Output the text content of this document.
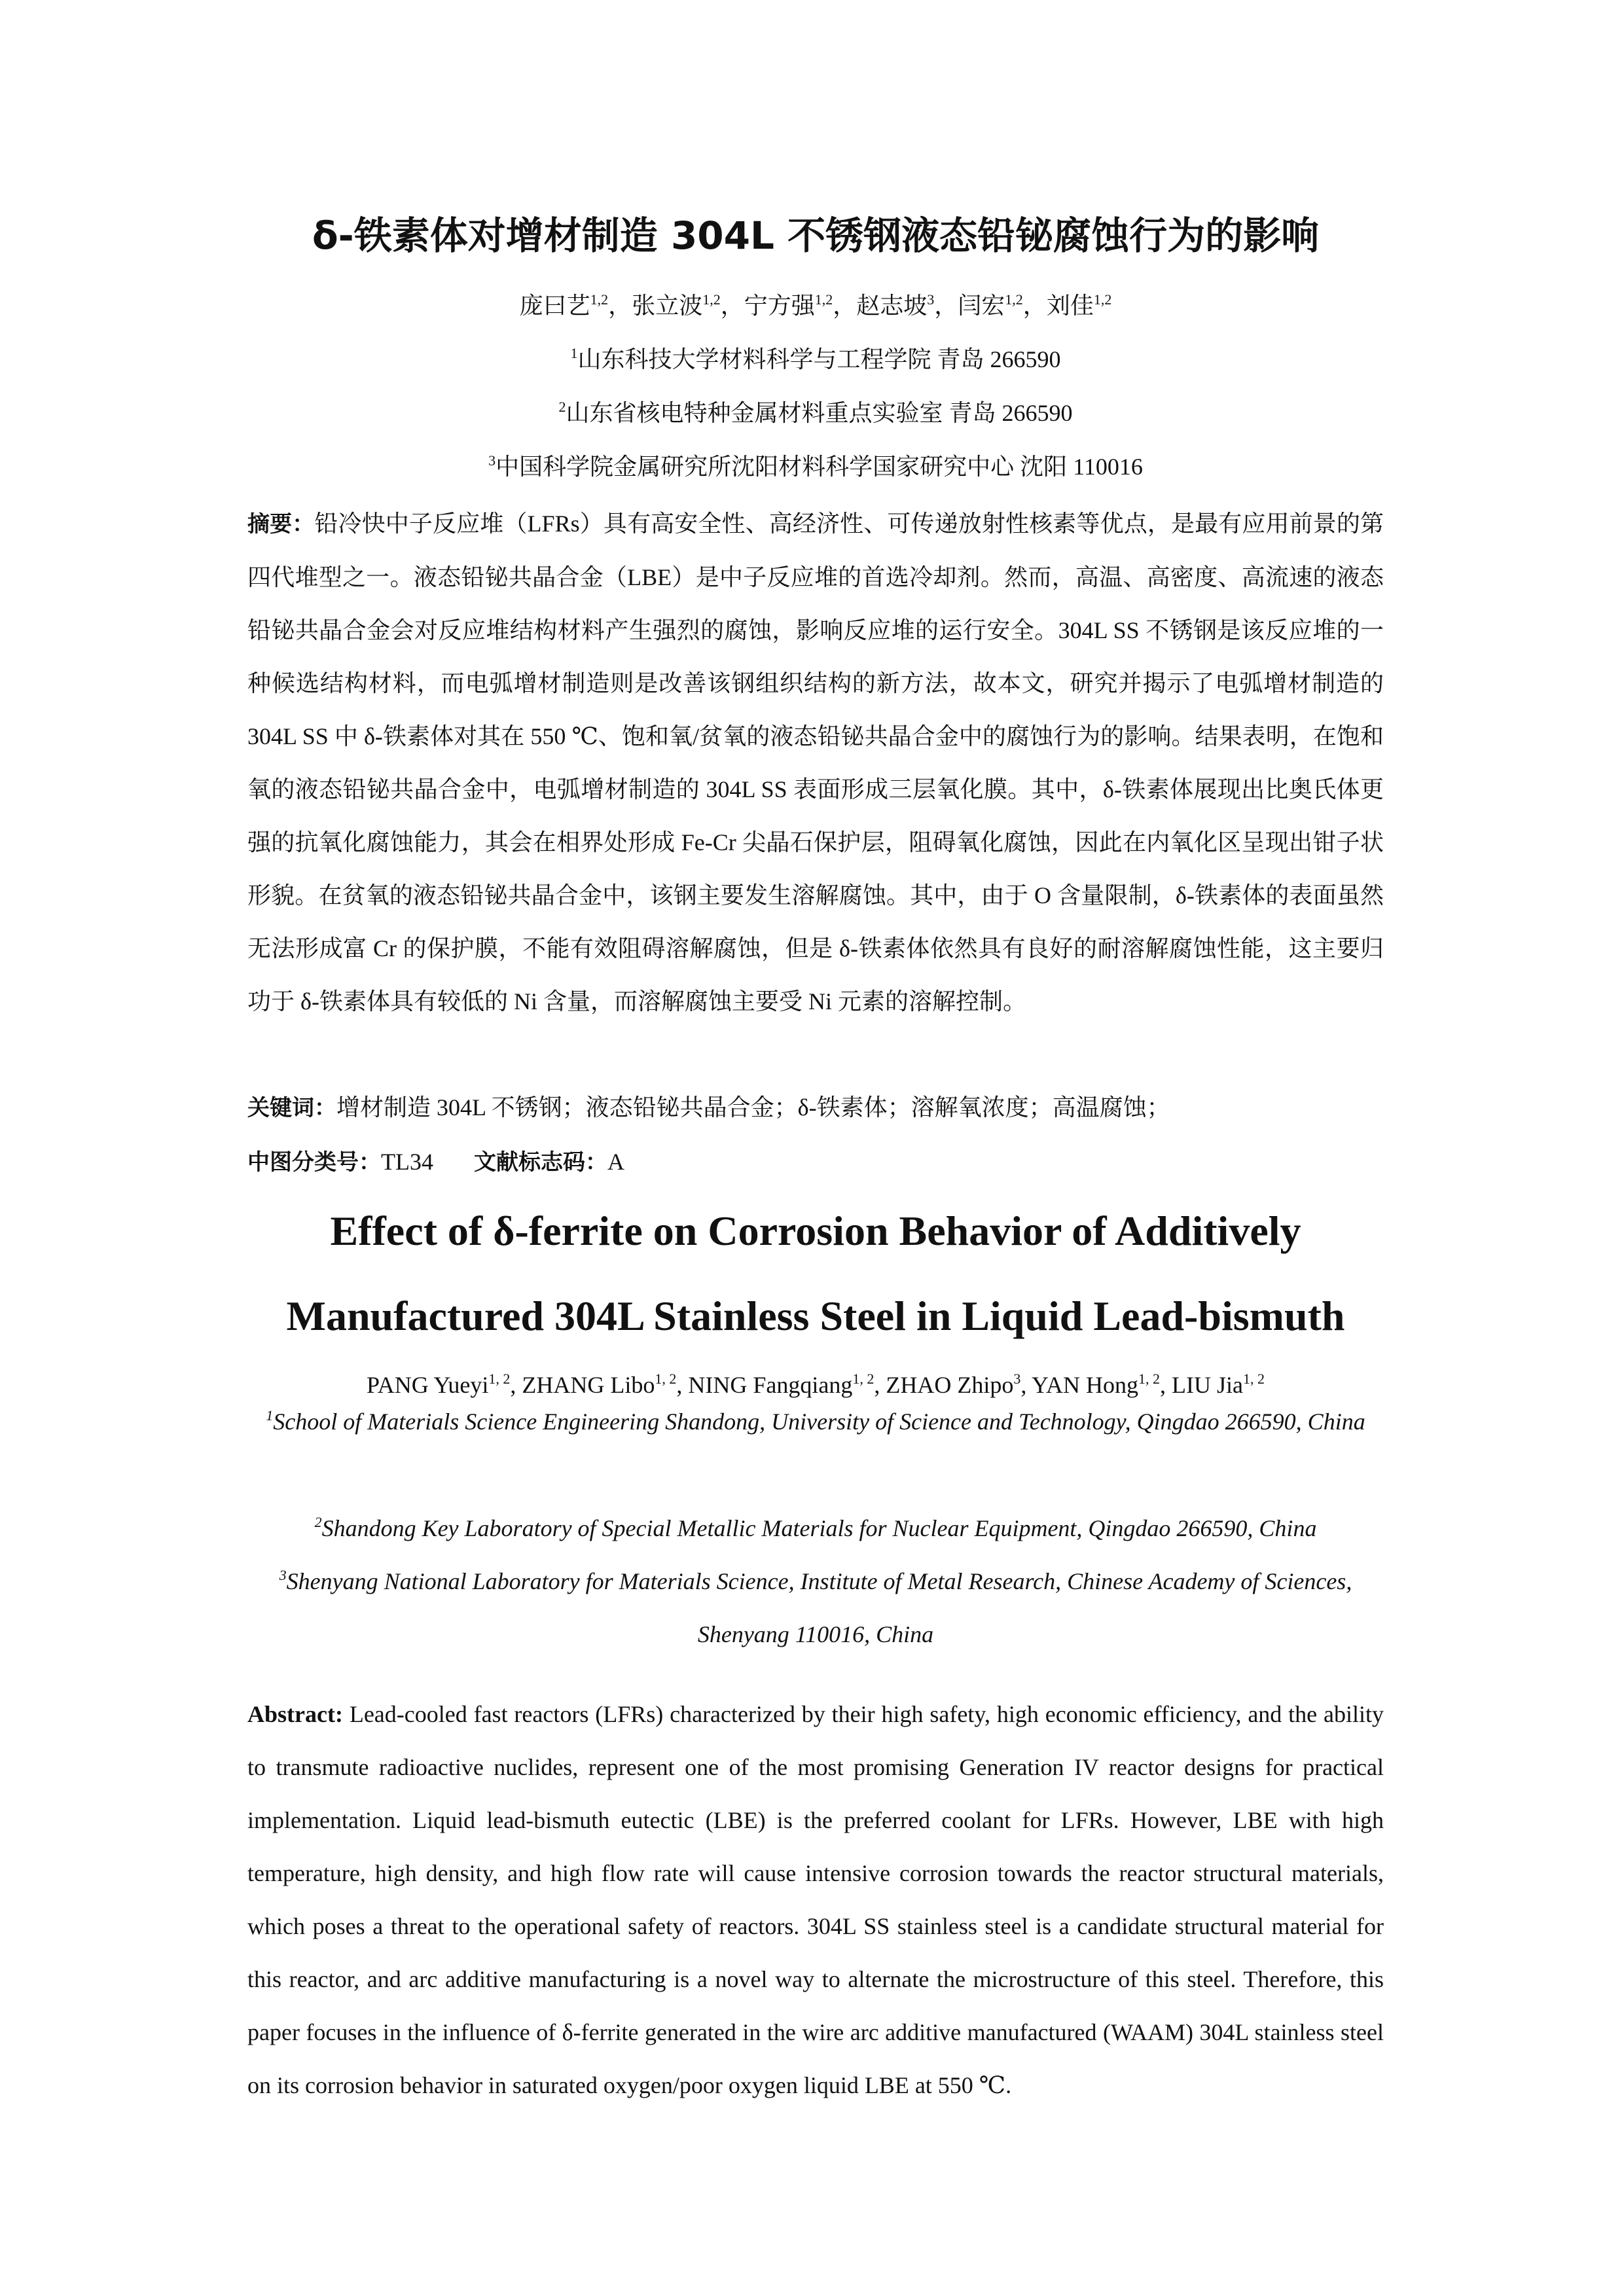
δ-铁素体对增材制造 304L 不锈钢液态铅铋腐蚀行为的影响
庞曰艺$^{1,2}$，张立波$^{1,2}$，宁方强$^{1,2}$，赵志坡$^3$，闫宏$^{1,2}$，刘佳$^{1,2}$
$^1$山东科技大学材料科学与工程学院 青岛 266590
$^2$山东省核电特种金属材料重点实验室 青岛 266590
$^3$中国科学院金属研究所沈阳材料科学国家研究中心 沈阳 110016
摘要：铅冷快中子反应堆（LFRs）具有高安全性、高经济性、可传递放射性核素等优点，是最有应用前景的第四代堆型之一。液态铅铋共晶合金（LBE）是中子反应堆的首选冷却剂。然而，高温、高密度、高流速的液态铅铋共晶合金会对反应堆结构材料产生强烈的腐蚀，影响反应堆的运行安全。304L SS 不锈钢是该反应堆的一种候选结构材料，而电弧增材制造则是改善该钢组织结构的新方法，故本文，研究并揭示了电弧增材制造的 304L SS 中 δ-铁素体对其在 550 ℃、饱和氧/贫氧的液态铅铋共晶合金中的腐蚀行为的影响。结果表明，在饱和氧的液态铅铋共晶合金中，电弧增材制造的 304L SS 表面形成三层氧化膜。其中，δ-铁素体展现出比奥氏体更强的抗氧化腐蚀能力，其会在相界处形成 Fe-Cr 尖晶石保护层，阻碍氧化腐蚀，因此在内氧化区呈现出钳子状形貌。在贫氧的液态铅铋共晶合金中，该钢主要发生溶解腐蚀。其中，由于 O 含量限制，δ-铁素体的表面虽然无法形成富 Cr 的保护膜，不能有效阻碍溶解腐蚀，但是 δ-铁素体依然具有良好的耐溶解腐蚀性能，这主要归功于 δ-铁素体具有较低的 Ni 含量，而溶解腐蚀主要受 Ni 元素的溶解控制。
关键词：增材制造 304L 不锈钢；液态铅铋共晶合金；δ-铁素体；溶解氧浓度；高温腐蚀；
中图分类号：TL34 文献标志码：A
Effect of δ-ferrite on Corrosion Behavior of Additively
Manufactured 304L Stainless Steel in Liquid Lead-bismuth
PANG Yueyi$^{1, 2}$, ZHANG Libo$^{1, 2}$, NING Fangqiang$^{1, 2}$, ZHAO Zhipo$^3$, YAN Hong$^{1, 2}$, LIU Jia$^{1, 2}$
$^1$School of Materials Science Engineering Shandong, University of Science and Technology, Qingdao 266590, China
$^2$Shandong Key Laboratory of Special Metallic Materials for Nuclear Equipment, Qingdao 266590, China
$^3$Shenyang National Laboratory for Materials Science, Institute of Metal Research, Chinese Academy of Sciences, Shenyang 110016, China
Abstract: Lead-cooled fast reactors (LFRs) characterized by their high safety, high economic efficiency, and the ability to transmute radioactive nuclides, represent one of the most promising Generation IV reactor designs for practical implementation. Liquid lead-bismuth eutectic (LBE) is the preferred coolant for LFRs. However, LBE with high temperature, high density, and high flow rate will cause intensive corrosion towards the reactor structural materials, which poses a threat to the operational safety of reactors. 304L SS stainless steel is a candidate structural material for this reactor, and arc additive manufacturing is a novel way to alternate the microstructure of this steel. Therefore, this paper focuses in the influence of δ-ferrite generated in the wire arc additive manufactured (WAAM) 304L stainless steel on its corrosion behavior in saturated oxygen/poor oxygen liquid LBE at 550 ℃.
